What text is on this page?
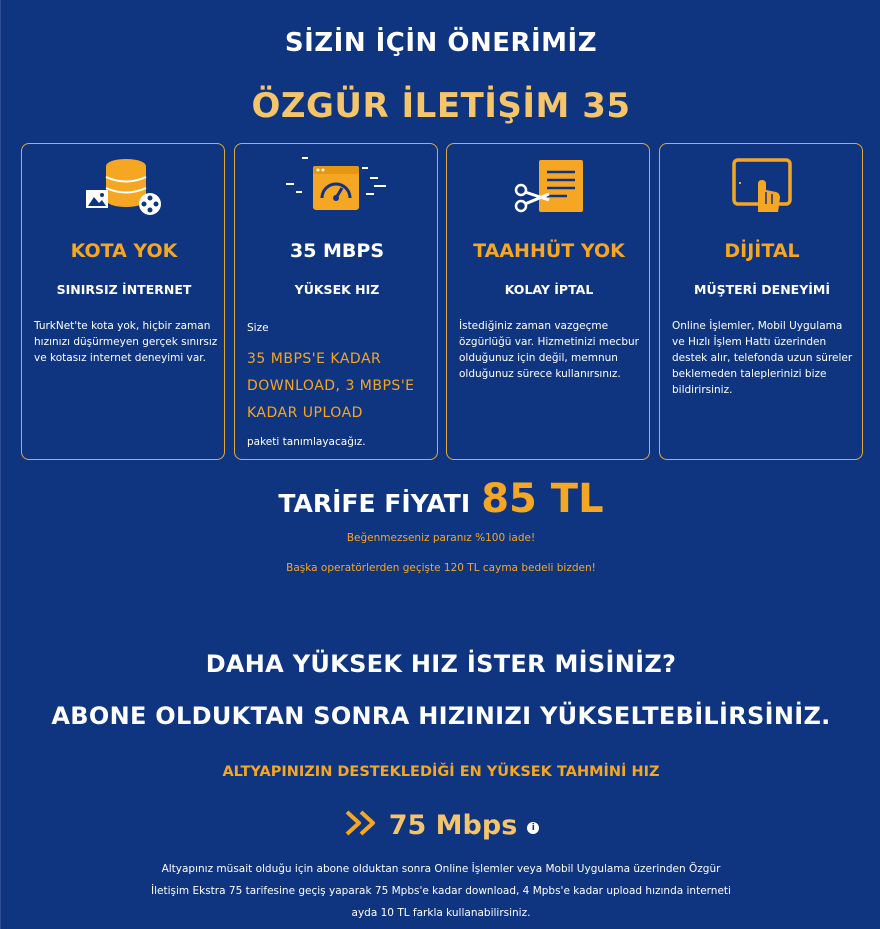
SİZİN İÇİN ÖNERİMİZ
ÖZGÜR İLETİŞİM 35
KOTA YOK
SINIRSIZ İNTERNET
TurkNet'te kota yok, hiçbir zaman hızınızı düşürmeyen gerçek sınırsız ve kotasız internet deneyimi var.
35 MBPS
YÜKSEK HIZ
Size
35 MBPS'E KADAR DOWNLOAD, 3 MBPS'E KADAR UPLOAD
paketi tanımlayacağız.
TAAHHÜT YOK
KOLAY İPTAL
İstediğiniz zaman vazgeçme özgürlüğü var. Hizmetinizi mecbur olduğunuz için değil, memnun olduğunuz sürece kullanırsınız.
DİJİTAL
MÜŞTERİ DENEYİMİ
Online İşlemler, Mobil Uygulama ve Hızlı İşlem Hattı üzerinden destek alır, telefonda uzun süreler beklemeden taleplerinizi bize bildirirsiniz.
TARİFE FİYATI 85 TL
Beğenmezseniz paranız %100 iade!
Başka operatörlerden geçişte 120 TL cayma bedeli bizden!
DAHA YÜKSEK HIZ İSTER MİSİNİZ?
ABONE OLDUKTAN SONRA HIZINIZI YÜKSELTEBİLİRSİNİZ.
ALTYAPINIZIN DESTEKLEDİĞİ EN YÜKSEK TAHMİNİ HIZ
75 Mbps	i
Altyapınız müsait olduğu için abone olduktan sonra Online İşlemler veya Mobil Uygulama üzerinden Özgür İletişim Ekstra 75 tarifesine geçiş yaparak 75 Mpbs'e kadar download, 4 Mpbs'e kadar upload hızında interneti ayda 10 TL farkla kullanabilirsiniz.
